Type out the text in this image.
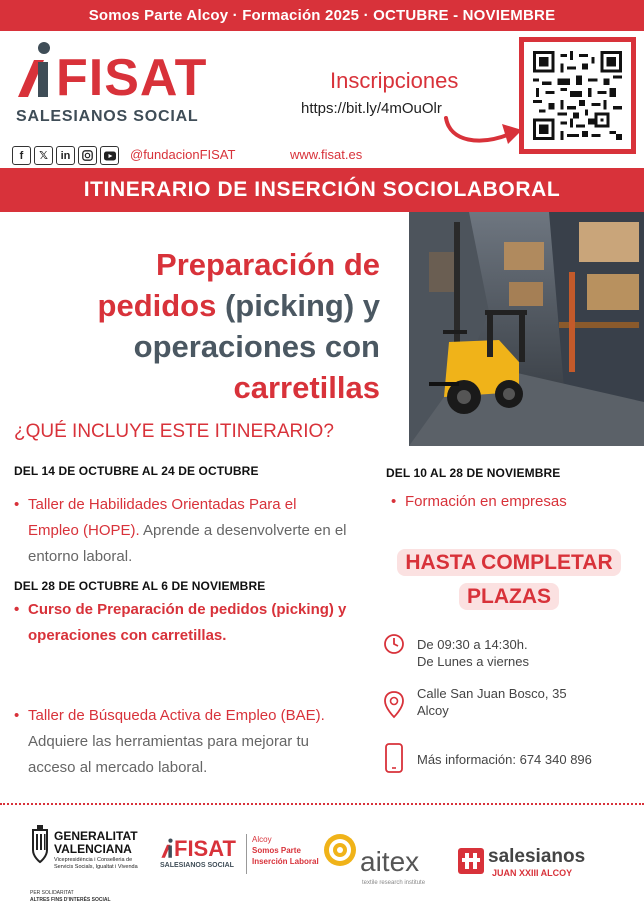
Somos Parte Alcoy · Formación 2025 · OCTUBRE - NOVIEMBRE
FISAT
SALESIANOS SOCIAL
Inscripciones
https://bit.ly/4mOuOlr
f	𝕏	in	@fundacionFISAT	www.fisat.es
ITINERARIO DE INSERCIÓN SOCIOLABORAL
Preparación de
pedidos (picking) y
operaciones con
carretillas
¿QUÉ INCLUYE ESTE ITINERARIO?
DEL 14 DE OCTUBRE AL 24 DE OCTUBRE
• Taller de Habilidades Orientadas Para el Empleo (HOPE). Aprende a desenvolverte en el entorno laboral.
DEL 28 DE OCTUBRE AL 6 DE NOVIEMBRE
• Curso de Preparación de pedidos (picking) y operaciones con carretillas.
• Taller de Búsqueda Activa de Empleo (BAE). Adquiere las herramientas para mejorar tu acceso al mercado laboral.
DEL 10 AL 28 DE NOVIEMBRE
• Formación en empresas
HASTA COMPLETAR
PLAZAS
De 09:30 a 14:30h.
De Lunes a viernes
Calle San Juan Bosco, 35
Alcoy
Más información: 674 340 896
GENERALITAT
VALENCIANA
Vicepresidència i Conselleria de
Servicis Socials, Igualtat i Vivenda
PER SOLIDARITAT
ALTRES FINS D'INTERÈS SOCIAL
FISAT
SALESIANOS SOCIAL
Alcoy
Somos Parte
Inserción Laboral aitex
textile research institute
salesianos
JUAN XXIII ALCOY
